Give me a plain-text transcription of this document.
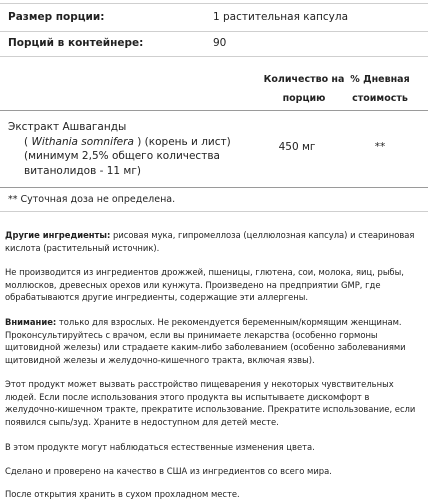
Размер порции:	1 растительная капсула
Порций в контейнере:	90
Количество на
порцию
% Дневная
стоимость
Экстракт Ашваганды
( Withania somnifera ) (корень и лист)
(минимум 2,5% общего количества
витанолидов - 11 мг)
450 мг	**
** Суточная доза не определена.
Другие ингредиенты: рисовая мука, гипромеллоза (целлюлозная капсула) и стеариновая кислота (растительный источник).
Не производится из ингредиентов дрожжей, пшеницы, глютена, сои, молока, яиц, рыбы, моллюсков, древесных орехов или кунжута. Произведено на предприятии GMP, где обрабатываются другие ингредиенты, содержащие эти аллергены.
Внимание: только для взрослых. Не рекомендуется беременным/кормящим женщинам. Проконсультируйтесь с врачом, если вы принимаете лекарства (особенно гормоны щитовидной железы) или страдаете каким-либо заболеванием (особенно заболеваниями щитовидной железы и желудочно-кишечного тракта, включая язвы).
Этот продукт может вызвать расстройство пищеварения у некоторых чувствительных людей. Если после использования этого продукта вы испытываете дискомфорт в желудочно-кишечном тракте, прекратите использование. Прекратите использование, если появился сыпь/зуд. Храните в недоступном для детей месте.
В этом продукте могут наблюдаться естественные изменения цвета.
Сделано и проверено на качество в США из ингредиентов со всего мира.
После открытия хранить в сухом прохладном месте.
